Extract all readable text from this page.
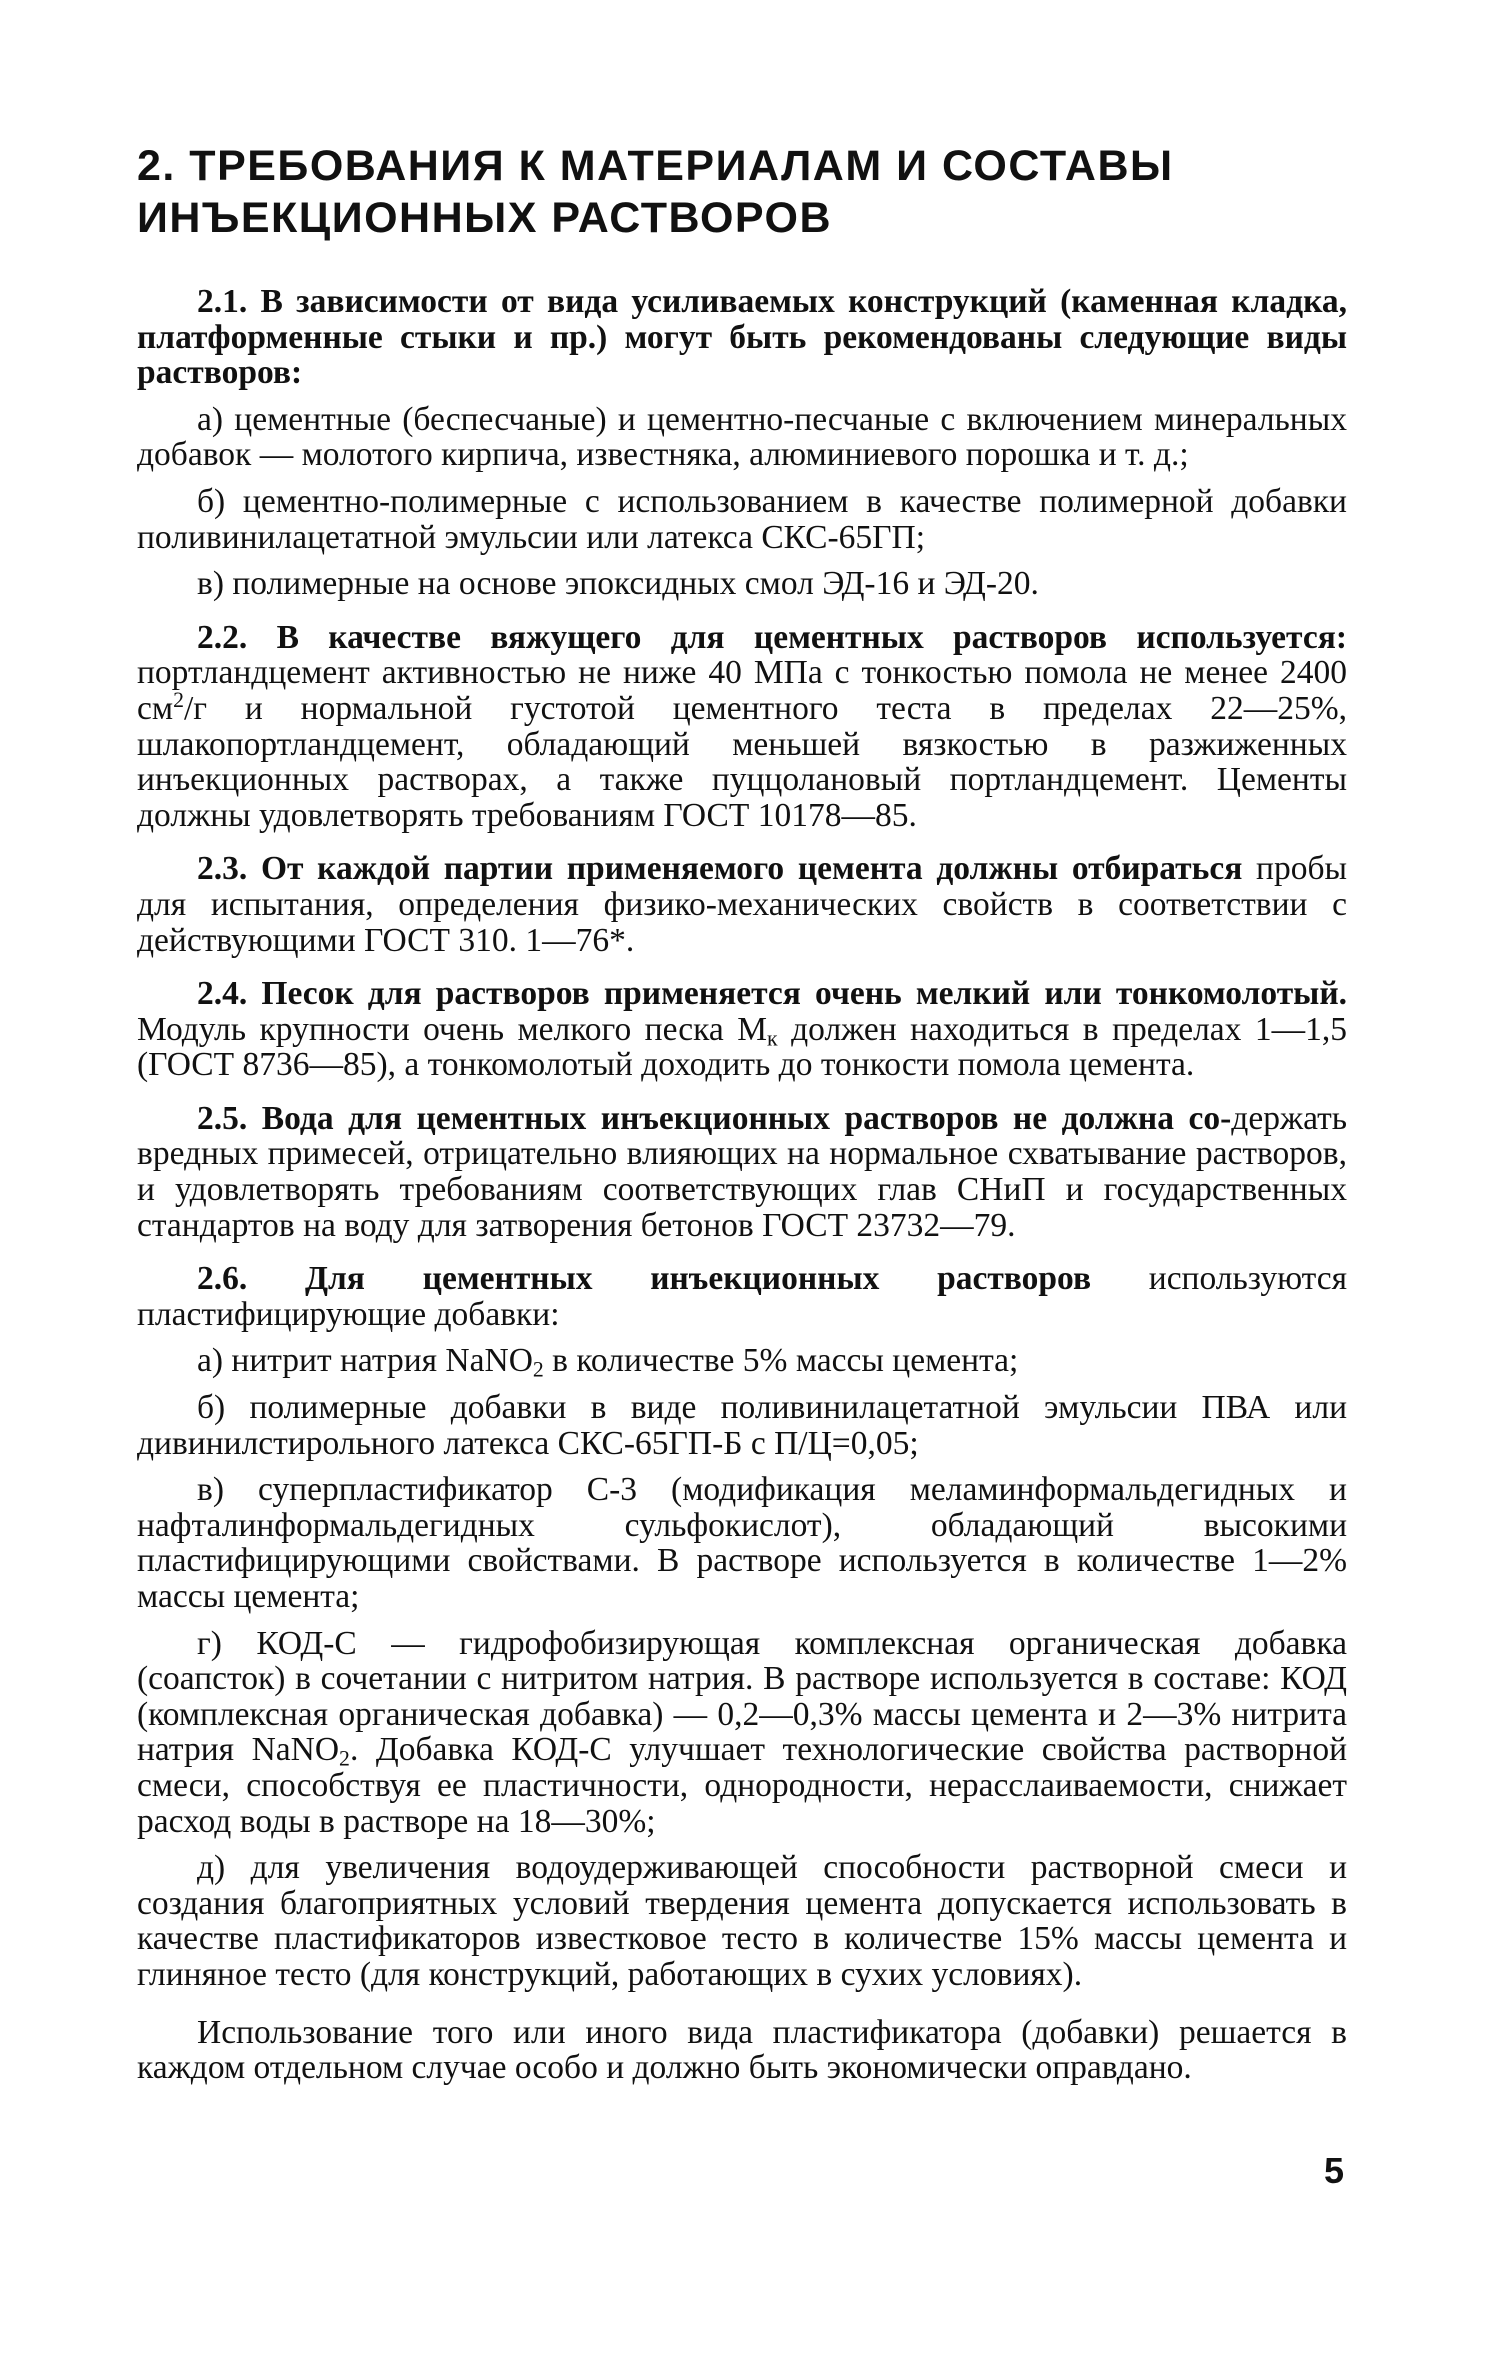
2. ТРЕБОВАНИЯ К МАТЕРИАЛАМ И СОСТАВЫ
ИНЪЕКЦИОННЫХ РАСТВОРОВ

2.1. В зависимости от вида усиливаемых конструкций (каменная кладка, платформенные стыки и пр.) могут быть рекомендованы следующие виды растворов:

а) цементные (беспесчаные) и цементно-песчаные с включением минеральных добавок — молотого кирпича, известняка, алюминиевого порошка и т. д.;

б) цементно-полимерные с использованием в качестве полимерной добавки поливинилацетатной эмульсии или латекса СКС-65ГП;

в) полимерные на основе эпоксидных смол ЭД-16 и ЭД-20.

2.2. В качестве вяжущего для цементных растворов используется: портландцемент активностью не ниже 40 МПа с тонкостью помола не менее 2400 $см^2/г$ и нормальной густотой цементного теста в пределах 22—25%, шлакопортландцемент, обладающий меньшей вязкостью в разжиженных инъекционных растворах, а также пуццолановый портландцемент. Цементы должны удовлетворять требованиям ГОСТ 10178—85.

2.3. От каждой партии применяемого цемента должны отбираться пробы для испытания, определения физико-механических свойств в соответствии с действующими ГОСТ 310. 1—76*.

2.4. Песок для растворов применяется очень мелкий или тонкомолотый. Модуль крупности очень мелкого песка $М_к$ должен находиться в пределах 1—1,5 (ГОСТ 8736—85), а тонкомолотый доходить до тонкости помола цемента.

2.5. Вода для цементных инъекционных растворов не должна со-держать вредных примесей, отрицательно влияющих на нормальное схватывание растворов, и удовлетворять требованиям соответствующих глав СНиП и государственных стандартов на воду для затворения бетонов ГОСТ 23732—79.

2.6. Для цементных инъекционных растворов используются пластифицирующие добавки:

а) нитрит натрия NaNO$_2$ в количестве 5% массы цемента;

б) полимерные добавки в виде поливинилацетатной эмульсии ПВА или дивинилстирольного латекса СКС-65ГП-Б с П/Ц=0,05;

в) суперпластификатор С-3 (модификация меламинформальдегидных и нафталинформальдегидных сульфокислот), обладающий высокими пластифицирующими свойствами. В растворе используется в количестве 1—2% массы цемента;

г) КОД-С — гидрофобизирующая комплексная органическая добавка (соапсток) в сочетании с нитритом натрия. В растворе используется в составе: КОД (комплексная органическая добавка) — 0,2—0,3% массы цемента и 2—3% нитрита натрия NaNO$_2$. Добавка КОД-С улучшает технологические свойства растворной смеси, способствуя ее пластичности, однородности, нерасслаиваемости, снижает расход воды в растворе на 18—30%;

д) для увеличения водоудерживающей способности растворной смеси и создания благоприятных условий твердения цемента допускается использовать в качестве пластификаторов известковое тесто в количестве 15% массы цемента и глиняное тесто (для конструкций, работающих в сухих условиях).

Использование того или иного вида пластификатора (добавки) решается в каждом отдельном случае особо и должно быть экономически оправдано.

5
